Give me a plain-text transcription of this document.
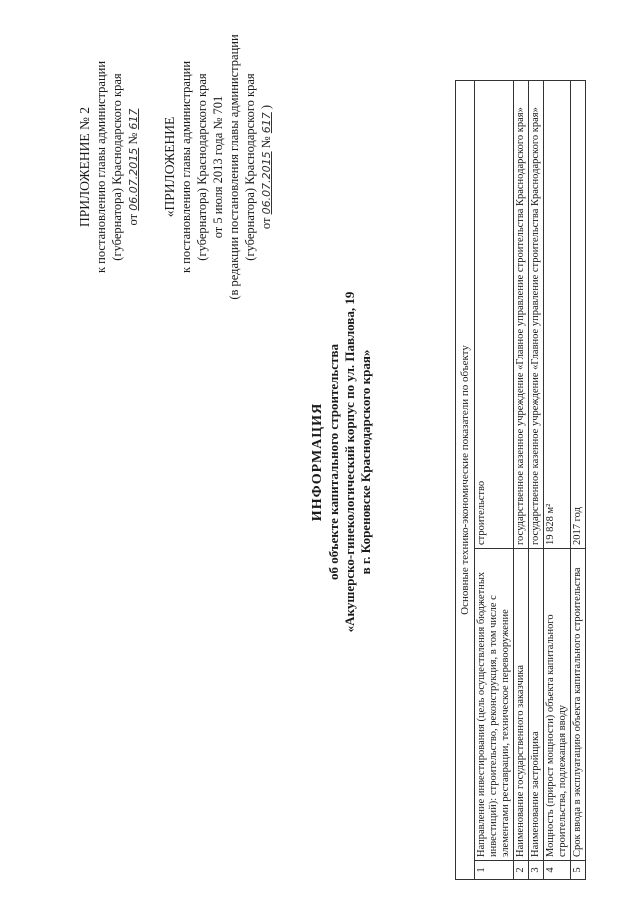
ПРИЛОЖЕНИЕ № 2 к постановлению главы администрации (губернатора) Краснодарского края от 06.07.2015 № 617 «ПРИЛОЖЕНИЕ к постановлению главы администрации (губернатора) Краснодарского края от 5 июля 2013 года № 701 (в редакции постановления главы администрации (губернатора) Краснодарского края от 06.07.2015 № 617 )
ИНФОРМАЦИЯ об объекте капитального строительства «Акушерско-гинекологический корпус по ул. Павлова, 19 в г. Кореновске Краснодарского края»	Основные технико-экономические показатели по объекту		
1	Направление инвестирования (цель осуществления бюджетных инвестиций): строительство, реконструкция, в том числе с элементами реставрации, техническое перевооружение	строительство
2	Наименование государственного заказчика	государственное казенное учреждение «Главное управление строительства Краснодарского края»
3	Наименование застройщика	государственное казенное учреждение «Главное управление строительства Краснодарского края»
4	Мощность (прирост мощности) объекта капитального строительства, подлежащая вводу	19 828 м²
5	Срок ввода в эксплуатацию объекта капитального строительства	2017 год
